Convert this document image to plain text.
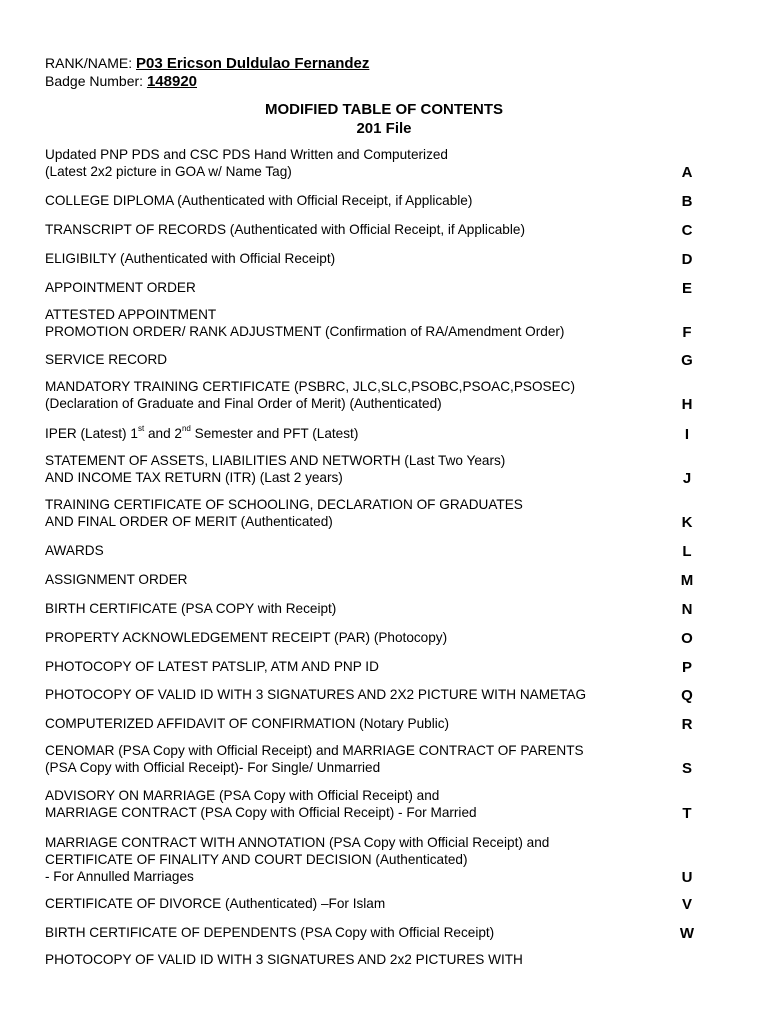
RANK/NAME: P03 Ericson Duldulao Fernandez
Badge Number: 148920
MODIFIED TABLE OF CONTENTS
201 File
Updated PNP PDS and CSC PDS Hand Written and Computerized
(Latest 2x2 picture in GOA w/ Name Tag)	A
COLLEGE DIPLOMA (Authenticated with Official Receipt, if Applicable)	B
TRANSCRIPT OF RECORDS (Authenticated with Official Receipt, if Applicable)	C
ELIGIBILTY (Authenticated with Official Receipt)	D
APPOINTMENT ORDER	E
ATTESTED APPOINTMENT
PROMOTION ORDER/ RANK ADJUSTMENT (Confirmation of RA/Amendment Order)	F
SERVICE RECORD	G
MANDATORY TRAINING CERTIFICATE (PSBRC, JLC,SLC,PSOBC,PSOAC,PSOSEC)
(Declaration of Graduate and Final Order of Merit) (Authenticated)	H
IPER (Latest) 1st and 2nd Semester and PFT (Latest)	I
STATEMENT OF ASSETS, LIABILITIES AND NETWORTH (Last Two Years)
AND INCOME TAX RETURN (ITR) (Last 2 years)	J
TRAINING CERTIFICATE OF SCHOOLING, DECLARATION OF GRADUATES
AND FINAL ORDER OF MERIT (Authenticated)	K
AWARDS	L
ASSIGNMENT ORDER	M
BIRTH CERTIFICATE (PSA COPY with Receipt)	N
PROPERTY ACKNOWLEDGEMENT RECEIPT (PAR) (Photocopy)	O
PHOTOCOPY OF LATEST PATSLIP, ATM AND PNP ID	P
PHOTOCOPY OF VALID ID WITH 3 SIGNATURES AND 2X2 PICTURE WITH NAMETAG	Q
COMPUTERIZED AFFIDAVIT OF CONFIRMATION (Notary Public)	R
CENOMAR (PSA Copy with Official Receipt) and MARRIAGE CONTRACT OF PARENTS
(PSA Copy with Official Receipt)- For Single/ Unmarried	S
ADVISORY ON MARRIAGE (PSA Copy with Official Receipt) and
MARRIAGE CONTRACT (PSA Copy with Official Receipt) - For Married	T
MARRIAGE CONTRACT WITH ANNOTATION (PSA Copy with Official Receipt) and
CERTIFICATE OF FINALITY AND COURT DECISION (Authenticated)
- For Annulled Marriages	U
CERTIFICATE OF DIVORCE (Authenticated) –For Islam	V
BIRTH CERTIFICATE OF DEPENDENTS (PSA Copy with Official Receipt)	W
PHOTOCOPY OF VALID ID WITH 3 SIGNATURES AND 2x2 PICTURES WITH
